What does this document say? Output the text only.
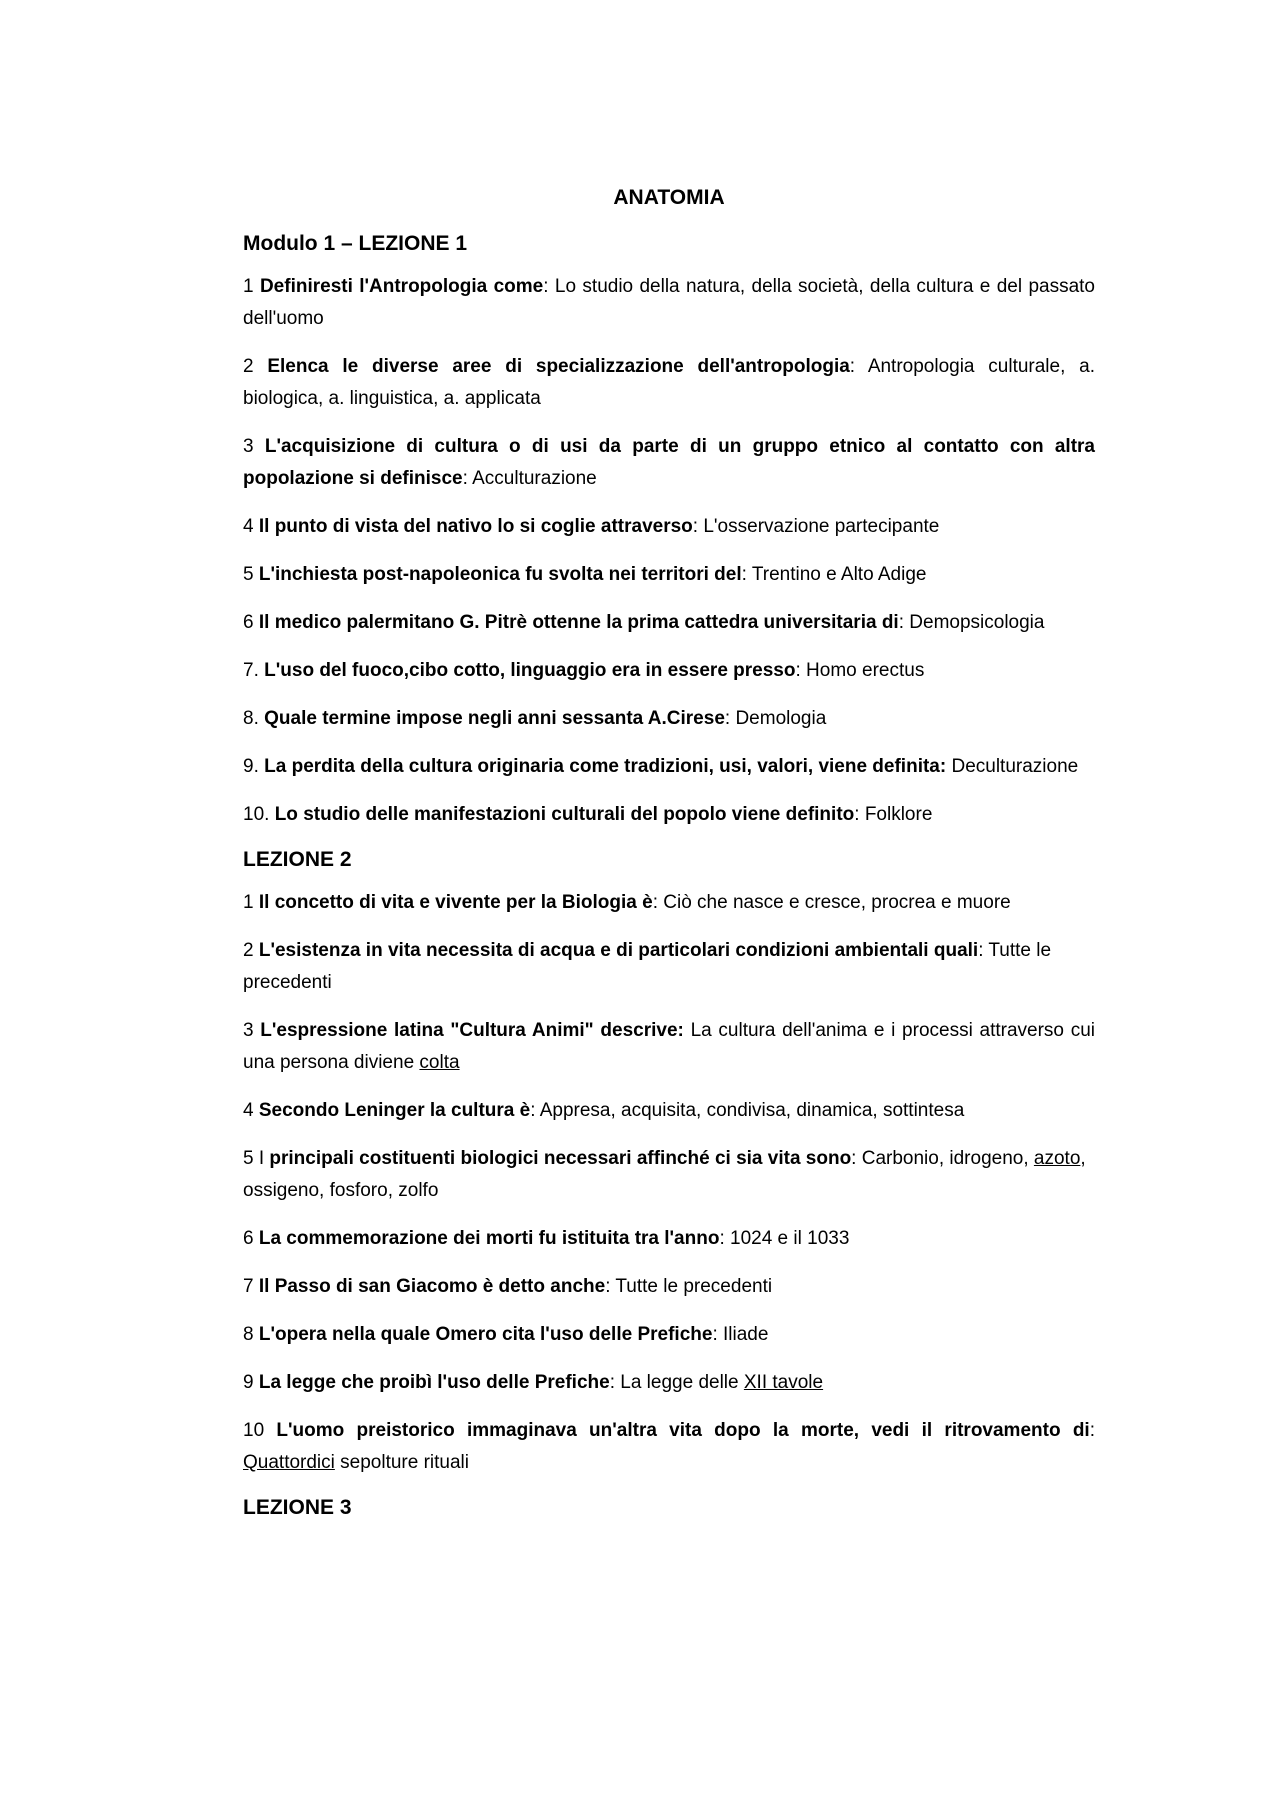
ANATOMIA
Modulo 1 – LEZIONE 1
1 Definiresti l'Antropologia come: Lo studio della natura, della società, della cultura e del passato dell'uomo
2 Elenca le diverse aree di specializzazione dell'antropologia: Antropologia culturale, a. biologica, a. linguistica, a. applicata
3 L'acquisizione di cultura o di usi da parte di un gruppo etnico al contatto con altra popolazione si definisce: Acculturazione
4 Il punto di vista del nativo lo si coglie attraverso: L'osservazione partecipante
5 L'inchiesta post-napoleonica fu svolta nei territori del: Trentino e Alto Adige
6 Il medico palermitano G. Pitrè ottenne la prima cattedra universitaria di: Demopsicologia
7. L'uso del fuoco,cibo cotto, linguaggio era in essere presso: Homo erectus
8. Quale termine impose negli anni sessanta A.Cirese: Demologia
9. La perdita della cultura originaria come tradizioni, usi, valori, viene definita: Deculturazione
10. Lo studio delle manifestazioni culturali del popolo viene definito: Folklore
LEZIONE 2
1 Il concetto di vita e vivente per la Biologia è: Ciò che nasce e cresce, procrea e muore
2 L'esistenza in vita necessita di acqua e di particolari condizioni ambientali quali: Tutte le precedenti
3 L'espressione latina "Cultura Animi" descrive: La cultura dell'anima e i processi attraverso cui una persona diviene colta
4 Secondo Leninger la cultura è: Appresa, acquisita, condivisa, dinamica, sottintesa
5 I principali costituenti biologici necessari affinché ci sia vita sono: Carbonio, idrogeno, azoto, ossigeno, fosforo, zolfo
6 La commemorazione dei morti fu istituita tra l'anno: 1024 e il 1033
7 Il Passo di san Giacomo è detto anche: Tutte le precedenti
8 L'opera nella quale Omero cita l'uso delle Prefiche: Iliade
9 La legge che proibì l'uso delle Prefiche: La legge delle XII tavole
10 L'uomo preistorico immaginava un'altra vita dopo la morte, vedi il ritrovamento di: Quattordici sepolture rituali
LEZIONE 3
